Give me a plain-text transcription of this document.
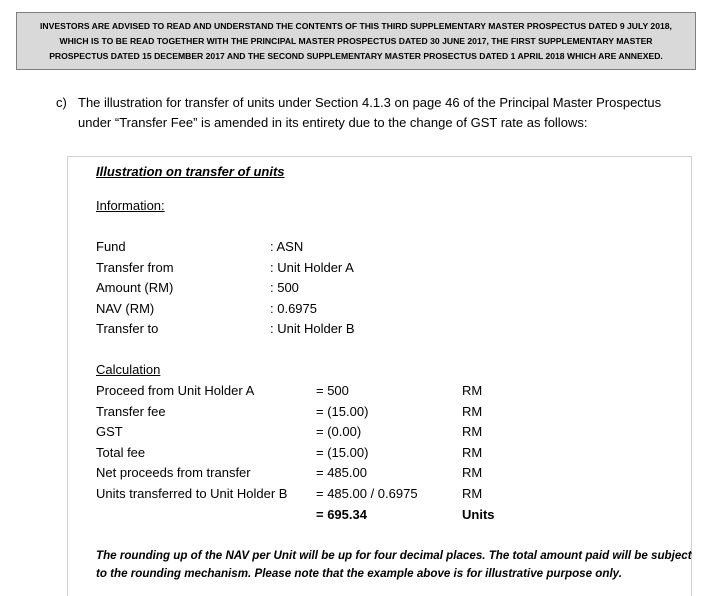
INVESTORS ARE ADVISED TO READ AND UNDERSTAND THE CONTENTS OF THIS THIRD SUPPLEMENTARY MASTER PROSPECTUS DATED 9 JULY 2018,
WHICH IS TO BE READ TOGETHER WITH THE PRINCIPAL MASTER PROSPECTUS DATED 30 JUNE 2017, THE FIRST SUPPLEMENTARY MASTER
PROSPECTUS DATED 15 DECEMBER 2017 AND THE SECOND SUPPLEMENTARY MASTER PROSECTUS DATED 1 APRIL 2018 WHICH ARE ANNEXED.
c) The illustration for transfer of units under Section 4.1.3 on page 46 of the Principal Master Prospectus
under “Transfer Fee” is amended in its entirety due to the change of GST rate as follows:
Illustration on transfer of units
Information:
Fund	: ASN
Transfer from	: Unit Holder A
Amount (RM)	: 500
NAV (RM)	: 0.6975
Transfer to	: Unit Holder B
Calculation
Proceed from Unit Holder A	= 500	RM
Transfer fee	= (15.00)	RM
GST	= (0.00)	RM
Total fee	= (15.00)	RM
Net proceeds from transfer	= 485.00	RM
Units transferred to Unit Holder B = 485.00 / 0.6975	RM
= 695.34	Units
The rounding up of the NAV per Unit will be up for four decimal places. The total amount paid will be subject
to the rounding mechanism. Please note that the example above is for illustrative purpose only.
